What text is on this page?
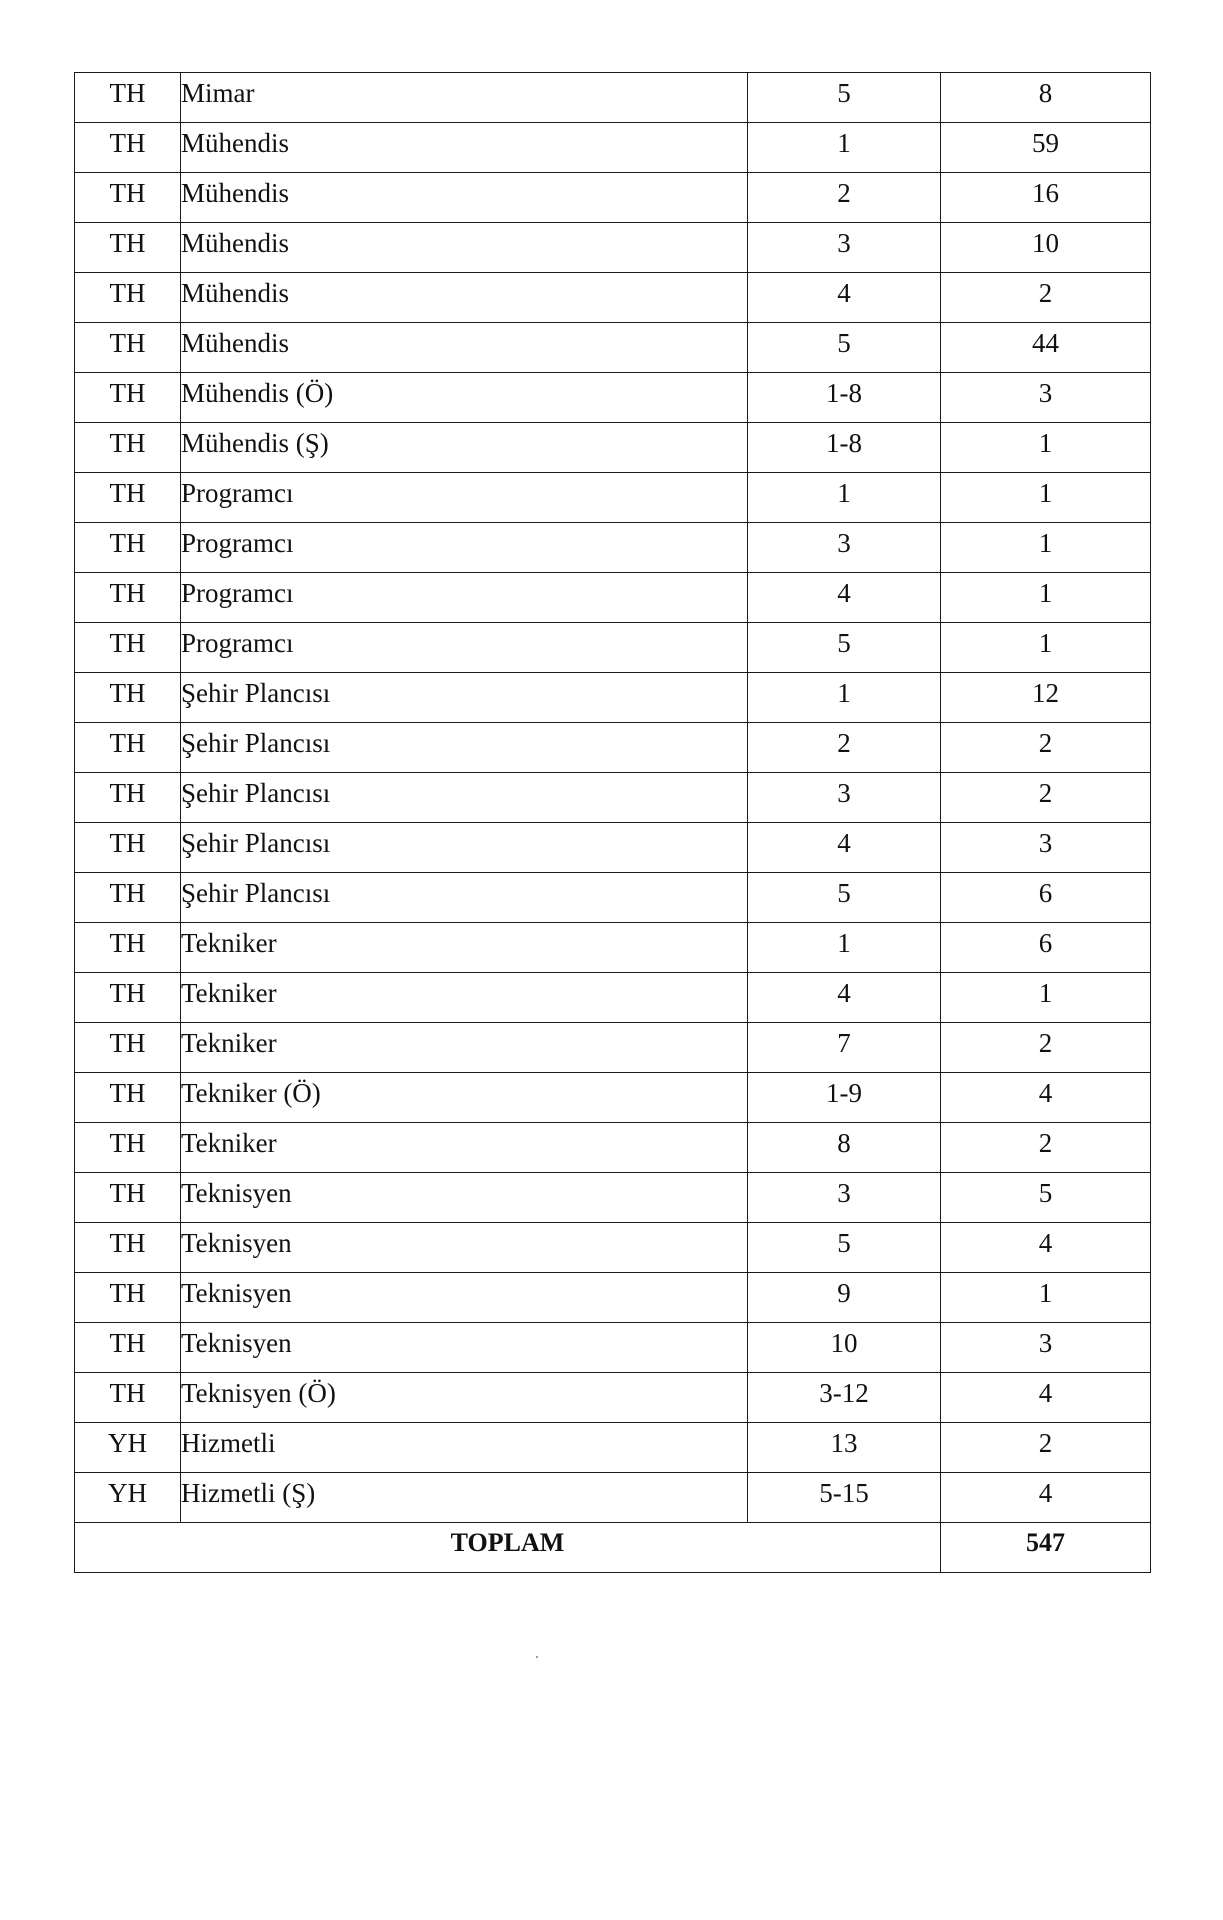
TH	Mimar	5	8
TH	Mühendis	1	59
TH	Mühendis	2	16
TH	Mühendis	3	10
TH	Mühendis	4	2
TH	Mühendis	5	44
TH	Mühendis (Ö)	1-8	3
TH	Mühendis (Ş)	1-8	1
TH	Programcı	1	1
TH	Programcı	3	1
TH	Programcı	4	1
TH	Programcı	5	1
TH	Şehir Plancısı	1	12
TH	Şehir Plancısı	2	2
TH	Şehir Plancısı	3	2
TH	Şehir Plancısı	4	3
TH	Şehir Plancısı	5	6
TH	Tekniker	1	6
TH	Tekniker	4	1
TH	Tekniker	7	2
TH	Tekniker (Ö)	1-9	4
TH	Tekniker	8	2
TH	Teknisyen	3	5
TH	Teknisyen	5	4
TH	Teknisyen	9	1
TH	Teknisyen	10	3
TH	Teknisyen (Ö)	3-12	4
YH	Hizmetli	13	2
YH	Hizmetli (Ş)	5-15	4
TOPLAM			547
